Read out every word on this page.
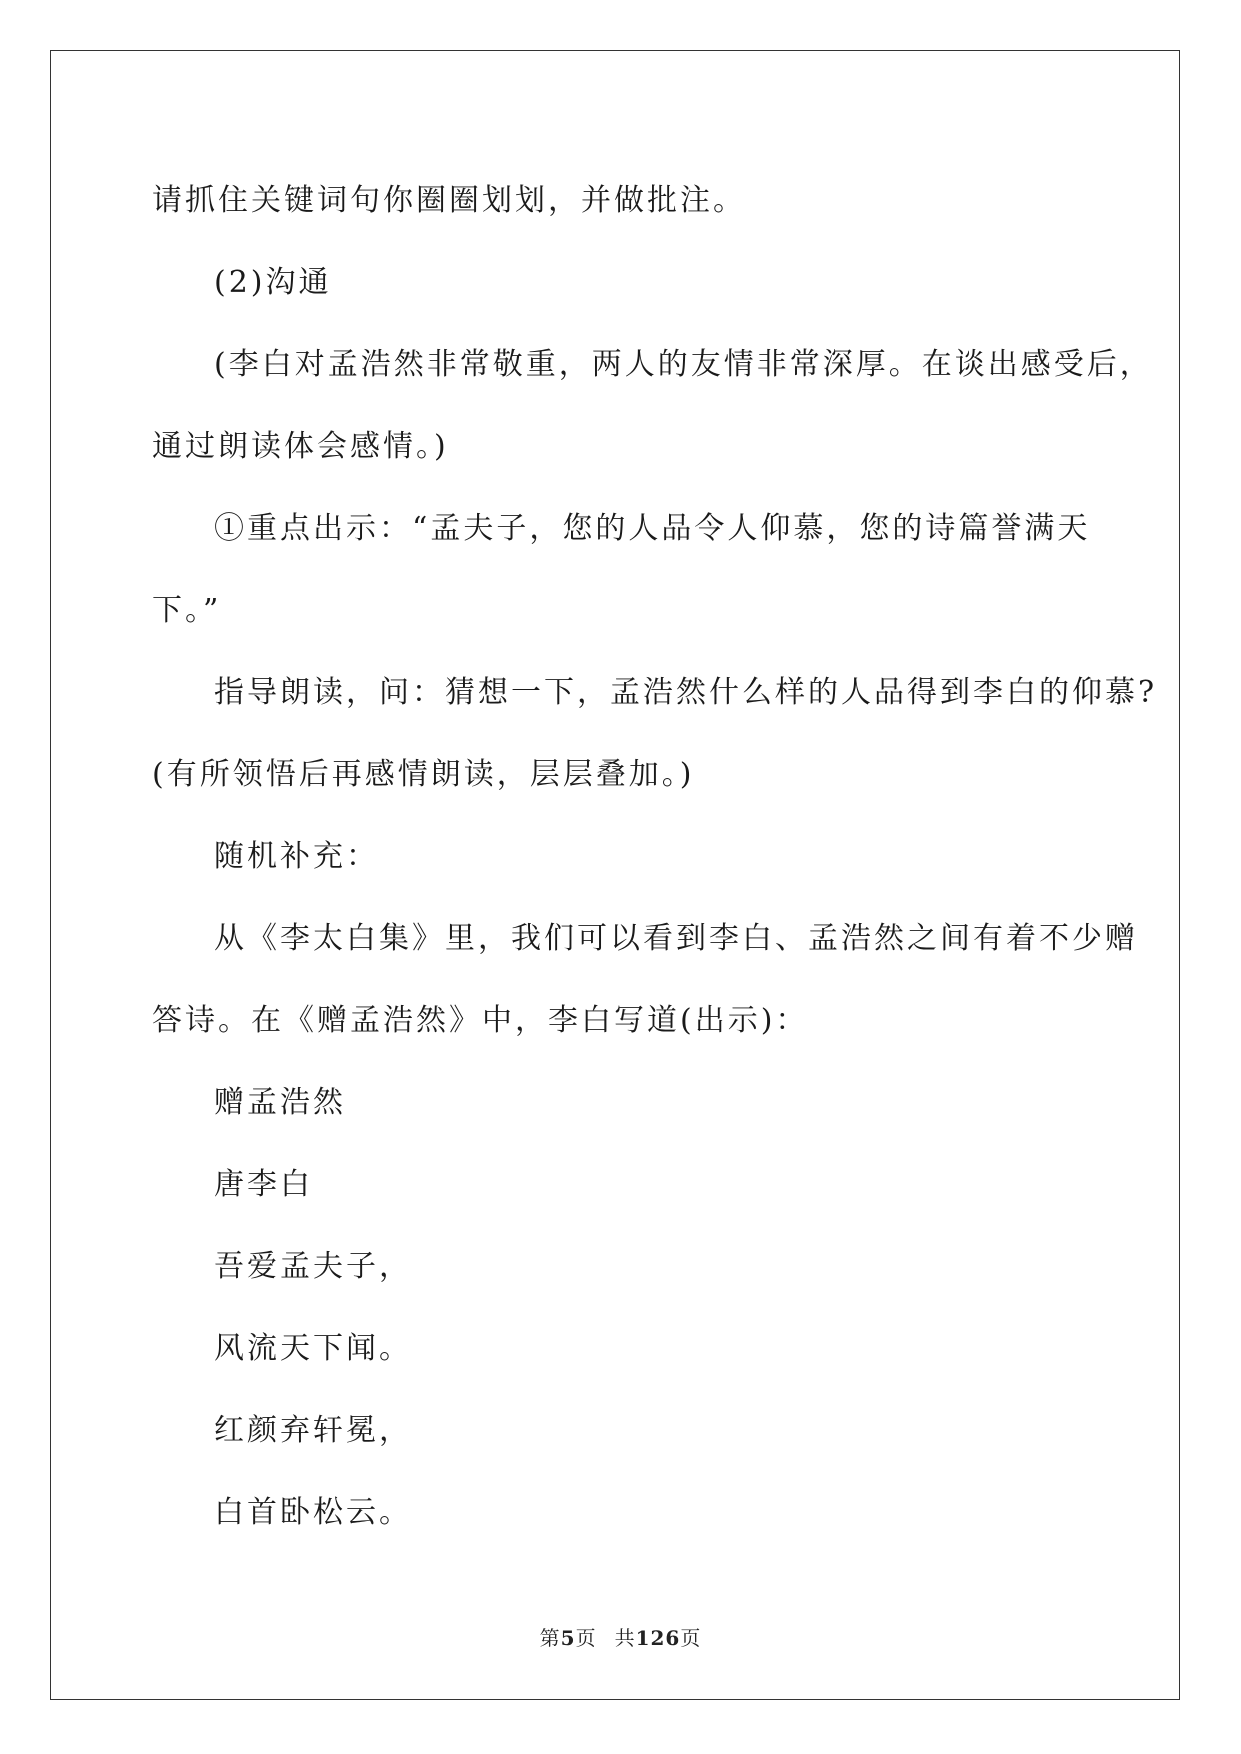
请抓住关键词句你圈圈划划，并做批注。
(2)沟通
(李白对孟浩然非常敬重，两人的友情非常深厚。在谈出感受后，
通过朗读体会感情。)
①重点出示：“孟夫子，您的人品令人仰慕，您的诗篇誉满天
下。”
指导朗读，问：猜想一下，孟浩然什么样的人品得到李白的仰慕?
(有所领悟后再感情朗读，层层叠加。)
随机补充：
从《李太白集》里，我们可以看到李白、孟浩然之间有着不少赠
答诗。在《赠孟浩然》中，李白写道(出示)：
赠孟浩然
唐李白
吾爱孟夫子，
风流天下闻。
红颜弃轩冕，
白首卧松云。
第5页 共126页
